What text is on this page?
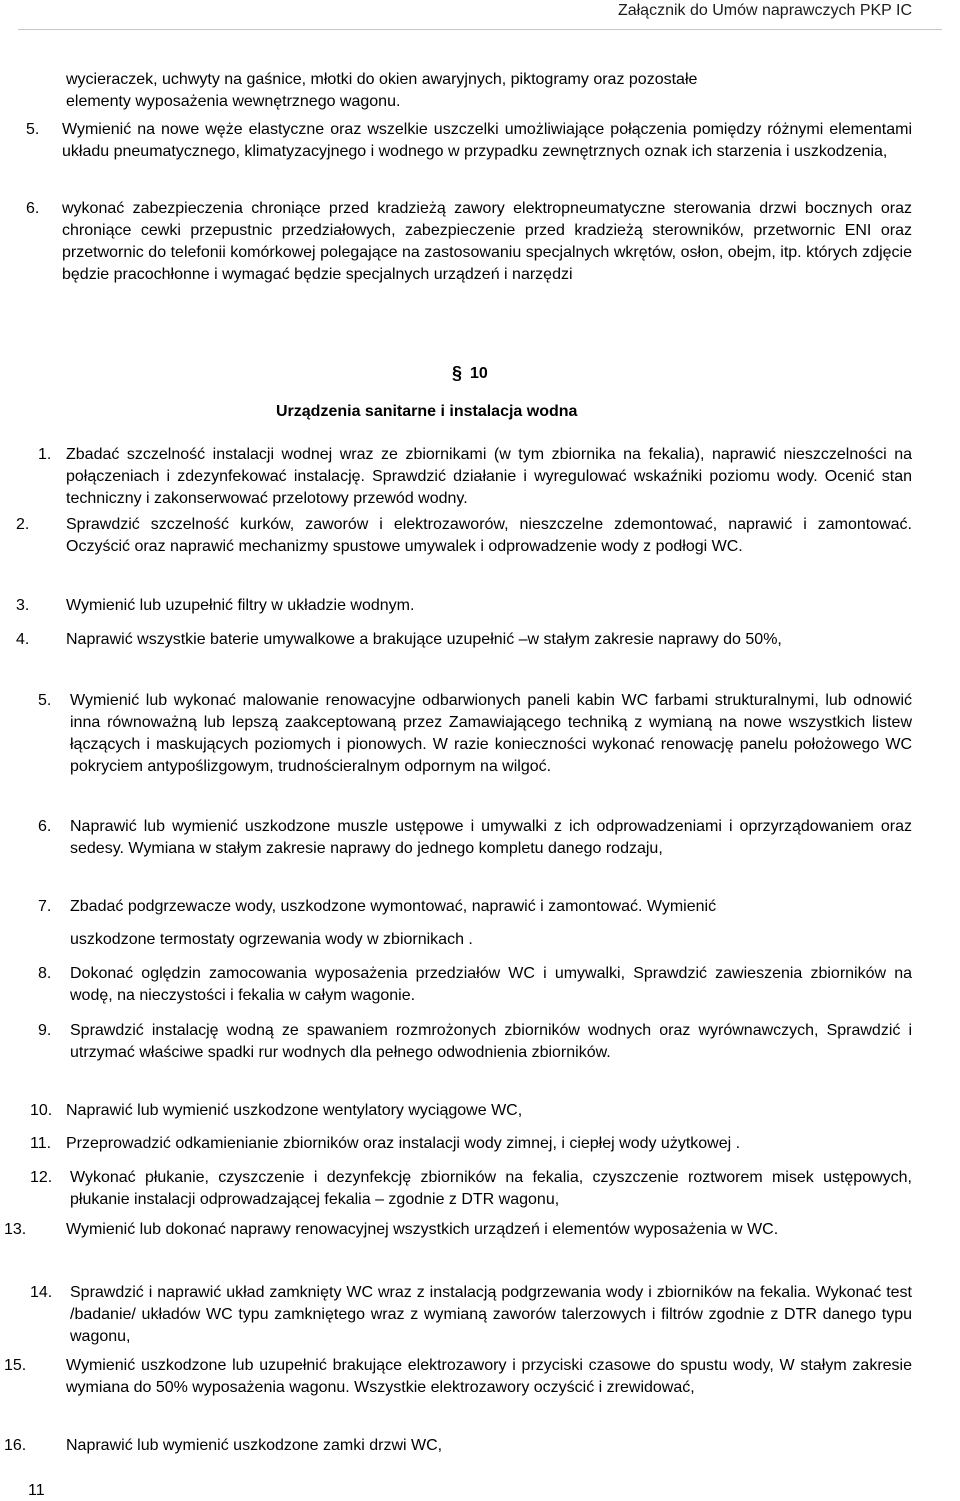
Załącznik do Umów naprawczych PKP IC

wycieraczek, uchwyty na gaśnice, młotki do okien awaryjnych, piktogramy oraz pozostałe

elementy wyposażenia wewnętrznego wagonu.

5. Wymienić na nowe węże elastyczne oraz wszelkie uszczelki umożliwiające połączenia pomiędzy różnymi elementami układu pneumatycznego, klimatyzacyjnego i wodnego w przypadku zewnętrznych oznak ich starzenia i uszkodzenia,
6. wykonać zabezpieczenia chroniące przed kradzieżą zawory elektropneumatyczne sterowania drzwi bocznych oraz chroniące cewki przepustnic przedziałowych, zabezpieczenie przed kradzieżą sterowników, przetwornic ENI oraz przetwornic do telefonii komórkowej polegające na zastosowaniu specjalnych wkrętów, osłon, obejm, itp. których zdjęcie będzie pracochłonne i wymagać będzie specjalnych urządzeń i narzędzi
§ 10
Urządzenia sanitarne i instalacja wodna
1. Zbadać szczelność instalacji wodnej wraz ze zbiornikami (w tym zbiornika na fekalia), naprawić nieszczelności na połączeniach i zdezynfekować instalację. Sprawdzić działanie i wyregulować wskaźniki poziomu wody. Ocenić stan techniczny i zakonserwować przelotowy przewód wodny.
2. Sprawdzić szczelność kurków, zaworów i elektrozaworów, nieszczelne zdemontować, naprawić i zamontować. Oczyścić oraz naprawić mechanizmy spustowe umywalek i odprowadzenie wody z podłogi WC.
3. Wymienić lub uzupełnić filtry w układzie wodnym.
4. Naprawić wszystkie baterie umywalkowe a brakujące uzupełnić –w stałym zakresie naprawy do 50%,
5. Wymienić lub wykonać malowanie renowacyjne odbarwionych paneli kabin WC farbami strukturalnymi, lub odnowić inna równoważną lub lepszą zaakceptowaną przez Zamawiającego techniką z wymianą na nowe wszystkich listew łączących i maskujących poziomych i pionowych. W razie konieczności wykonać renowację panelu położowego WC pokryciem antypoślizgowym, trudnościeralnym odpornym na wilgoć.
6. Naprawić lub wymienić uszkodzone muszle ustępowe i umywalki z ich odprowadzeniami i oprzyrządowaniem oraz sedesy. Wymiana w stałym zakresie naprawy do jednego kompletu danego rodzaju,
7. Zbadać podgrzewacze wody, uszkodzone wymontować, naprawić i zamontować. Wymienić
uszkodzone termostaty ogrzewania wody w zbiornikach .
8. Dokonać oględzin zamocowania wyposażenia przedziałów WC i umywalki, Sprawdzić zawieszenia zbiorników na wodę, na nieczystości i fekalia w całym wagonie.
9. Sprawdzić instalację wodną ze spawaniem rozmrożonych zbiorników wodnych oraz wyrównawczych, Sprawdzić i utrzymać właściwe spadki rur wodnych dla pełnego odwodnienia zbiorników.
10. Naprawić lub wymienić uszkodzone wentylatory wyciągowe WC,
11. Przeprowadzić odkamienianie zbiorników oraz instalacji wody zimnej, i ciepłej wody użytkowej .
12. Wykonać płukanie, czyszczenie i dezynfekcję zbiorników na fekalia, czyszczenie roztworem misek ustępowych, płukanie instalacji odprowadzającej fekalia – zgodnie z DTR wagonu,
13. Wymienić lub dokonać naprawy renowacyjnej wszystkich urządzeń i elementów wyposażenia w WC.
14. Sprawdzić i naprawić układ zamknięty WC wraz z instalacją podgrzewania wody i zbiorników na fekalia. Wykonać test /badanie/ układów WC typu zamkniętego wraz z wymianą zaworów talerzowych i filtrów zgodnie z DTR danego typu wagonu,
15. Wymienić uszkodzone lub uzupełnić brakujące elektrozawory i przyciski czasowe do spustu wody, W stałym zakresie wymiana do 50% wyposażenia wagonu. Wszystkie elektrozawory oczyścić i zrewidować,
16. Naprawić lub wymienić uszkodzone zamki drzwi WC,
11
